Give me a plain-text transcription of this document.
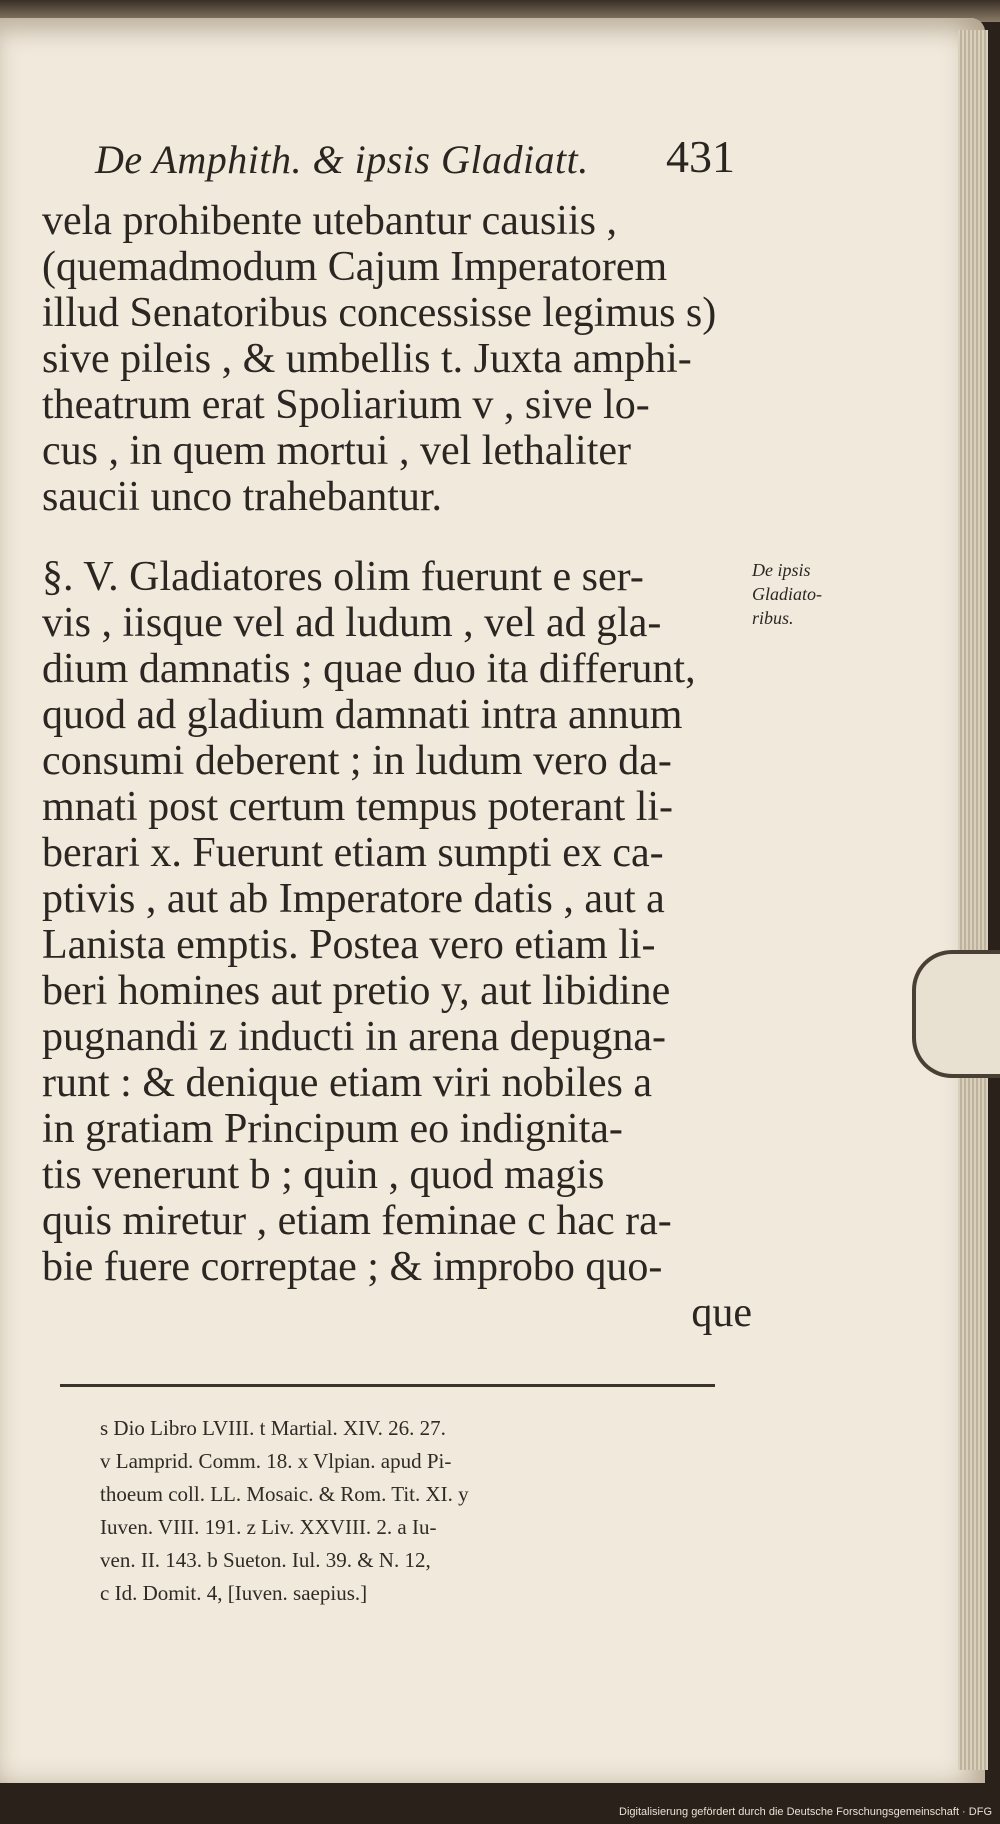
De Amphith. & ipsis Gladiatt. 431
vela prohibente utebantur causiis ,
(quemadmodum Cajum Imperatorem
illud Senatoribus concessisse legimus s)
sive pileis , & umbellis t. Juxta amphi-
theatrum erat Spoliarium v , sive lo-
cus , in quem mortui , vel lethaliter
saucii unco trahebantur.
§. V. Gladiatores olim fuerunt e ser-
vis , iisque vel ad ludum , vel ad gla-
dium damnatis ; quae duo ita differunt,
quod ad gladium damnati intra annum
consumi deberent ; in ludum vero da-
mnati post certum tempus poterant li-
berari x. Fuerunt etiam sumpti ex ca-
ptivis , aut ab Imperatore datis , aut a
Lanista emptis. Postea vero etiam li-
beri homines aut pretio y, aut libidine
pugnandi z induсti in arena depugna-
runt : & denique etiam viri nobiles a
in gratiam Principum eo indignita-
tis venerunt b ; quin , quod magis
quis miretur , etiam feminae c hac ra-
bie fuere correptae ; & improbo quo-
que
De ipsis
Gladiato-
ribus.
s Dio Libro LVIII. t Martial. XIV. 26. 27.
v Lamprid. Comm. 18. x Vlpian. apud Pi-
thoeum coll. LL. Mosaic. & Rom. Tit. XI. y
Iuven. VIII. 191. z Liv. XXVIII. 2. a Iu-
ven. II. 143. b Sueton. Iul. 39. & N. 12,
c Id. Domit. 4, [Iuven. saepius.]
Digitalisierung gefördert durch die Deutsche Forschungsgemeinschaft · DFG
